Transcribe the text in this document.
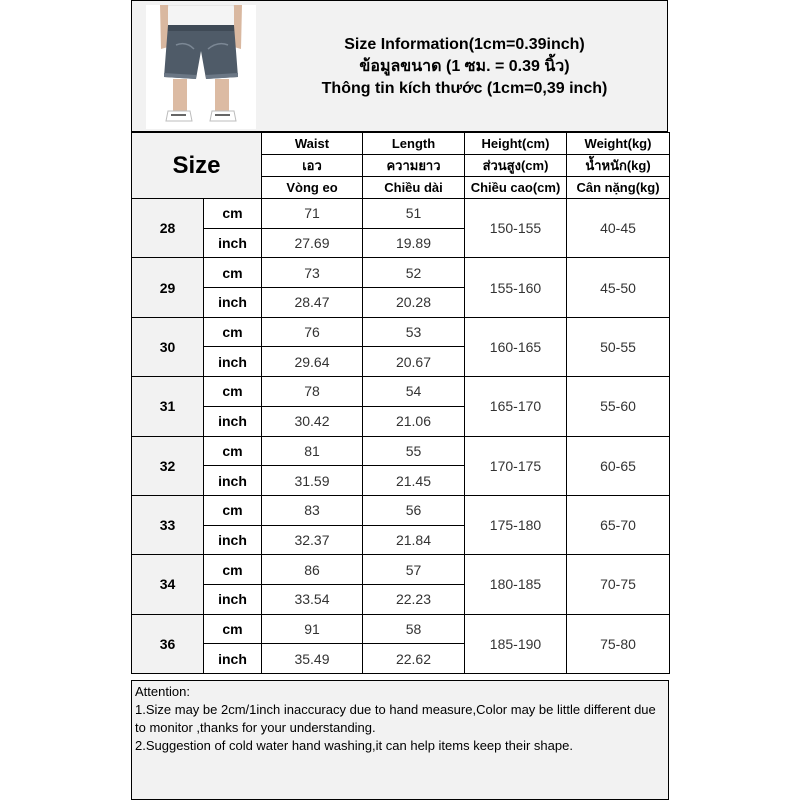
Size Information(1cm=0.39inch)
ข้อมูลขนาด (1 ซม. = 0.39 นิ้ว)
Thông tin kích thước (1cm=0,39 inch)
Size		Waist	Length	Height(cm)	Weight(kg)
		เอว	ความยาว	ส่วนสูง(cm)	น้ำหนัก(kg)
		Vòng eo	Chiều dài	Chiều cao(cm)	Cân nặng(kg)
28	cm	71	51	150-155	40-45
	inch	27.69	19.89		
29	cm	73	52	155-160	45-50
	inch	28.47	20.28		
30	cm	76	53	160-165	50-55
	inch	29.64	20.67		
31	cm	78	54	165-170	55-60
	inch	30.42	21.06		
32	cm	81	55	170-175	60-65
	inch	31.59	21.45		
33	cm	83	56	175-180	65-70
	inch	32.37	21.84		
34	cm	86	57	180-185	70-75
	inch	33.54	22.23		
36	cm	91	58	185-190	75-80
	inch	35.49	22.62		

Attention:

1.Size may be 2cm/1inch inaccuracy due to hand measure,Color may be little different due to monitor ,thanks for your understanding.

2.Suggestion of cold water hand washing,it can help items keep their shape.
